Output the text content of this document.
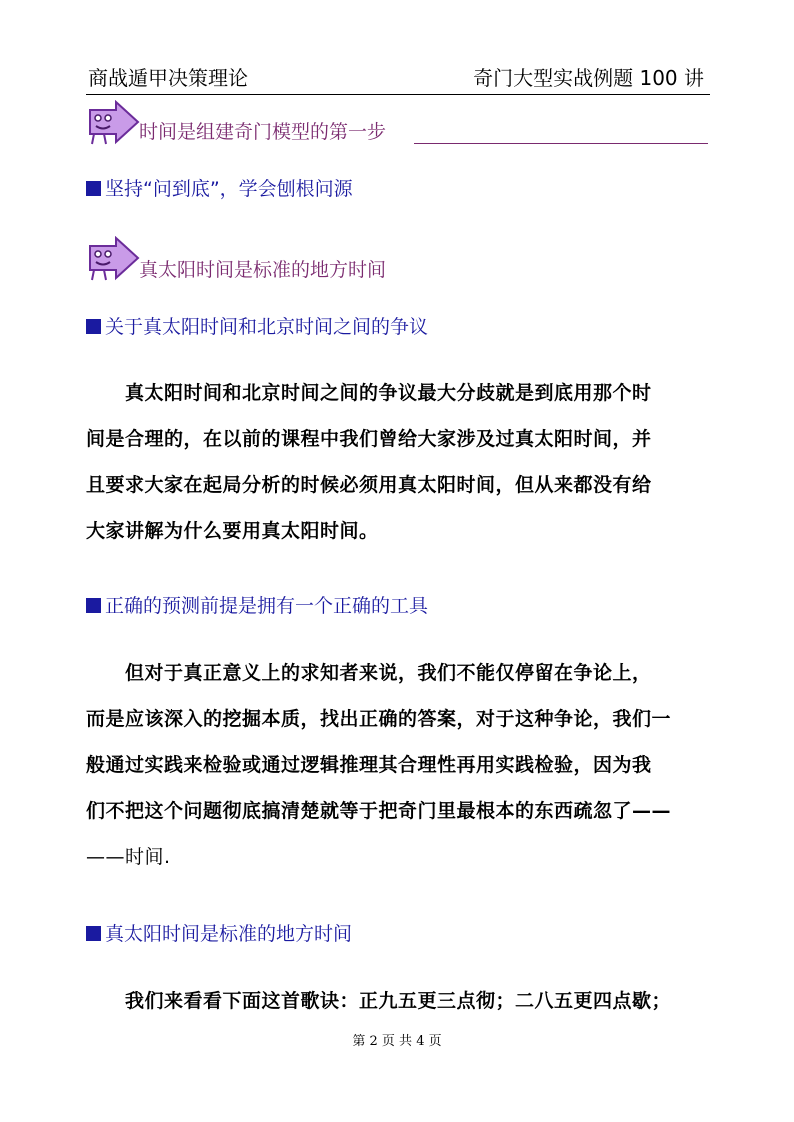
商战遁甲决策理论	奇门大型实战例题 100 讲
时间是组建奇门模型的第一步
坚持“问到底”，学会刨根问源
真太阳时间是标准的地方时间
关于真太阳时间和北京时间之间的争议
　　真太阳时间和北京时间之间的争议最大分歧就是到底用那个时
间是合理的，在以前的课程中我们曾给大家涉及过真太阳时间，并
且要求大家在起局分析的时候必须用真太阳时间，但从来都没有给
大家讲解为什么要用真太阳时间。
正确的预测前提是拥有一个正确的工具
　　但对于真正意义上的求知者来说，我们不能仅停留在争论上，
而是应该深入的挖掘本质，找出正确的答案，对于这种争论，我们一
般通过实践来检验或通过逻辑推理其合理性再用实践检验，因为我
们不把这个问题彻底搞清楚就等于把奇门里最根本的东西疏忽了——
——时间.
真太阳时间是标准的地方时间
　　我们来看看下面这首歌诀：正九五更三点彻；二八五更四点歇；
第 2 页 共 4 页
